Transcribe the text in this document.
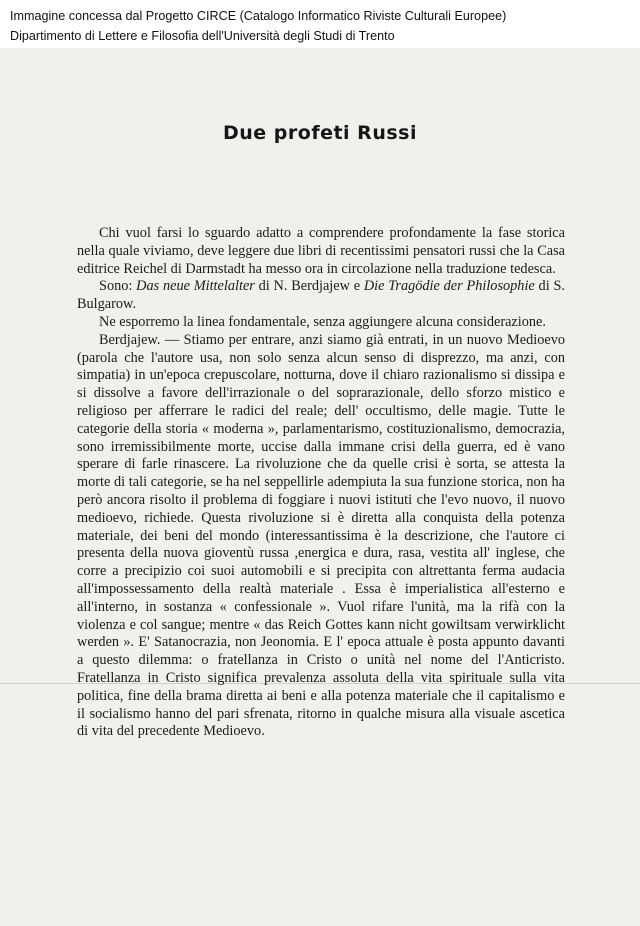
Immagine concessa dal Progetto CIRCE (Catalogo Informatico Riviste Culturali Europee)
Dipartimento di Lettere e Filosofia dell'Università degli Studi di Trento
Due profeti Russi

Chi vuol farsi lo sguardo adatto a comprendere profondamente la fase storica nella quale viviamo, deve leggere due libri di recentissimi pensatori russi che la Casa editrice Reichel di Darmstadt ha messo ora in circolazione nella traduzione tedesca.

Sono: Das neue Mittelalter di N. Berdjajew e Die Tragödie der Philosophie di S. Bulgarow.

Ne esporremo la linea fondamentale, senza aggiungere alcuna considerazione.

Berdjajew. — Stiamo per entrare, anzi siamo già entrati, in un nuovo Medioevo (parola che l'autore usa, non solo senza alcun senso di disprezzo, ma anzi, con simpatia) in un'epoca crepuscolare, notturna, dove il chiaro razionalismo si dissipa e si dissolve a favore dell'irrazionale o del soprarazionale, dello sforzo mistico e religioso per afferrare le radici del reale; dell' occultismo, delle magie. Tutte le categorie della storia « moderna », parlamentarismo, costituzionalismo, democrazia, sono irremissibilmente morte, uccise dalla immane crisi della guerra, ed è vano sperare di farle rinascere. La rivoluzione che da quelle crisi è sorta, se attesta la morte di tali categorie, se ha nel seppellirle adempiuta la sua funzione storica, non ha però ancora risolto il problema di foggiare i nuovi istituti che l'evo nuovo, il nuovo medioevo, richiede. Questa rivoluzione si è diretta alla conquista della potenza materiale, dei beni del mondo (interessantissima è la descrizione, che l'autore ci presenta della nuova gioventù russa ,energica e dura, rasa, vestita all' inglese, che corre a precipizio coi suoi automobili e si precipita con altrettanta ferma audacia all'impossessamento della realtà materiale . Essa è imperialistica all'esterno e all'interno, in sostanza « confessionale ». Vuol rifare l'unità, ma la rifà con la violenza e col sangue; mentre « das Reich Gottes kann nicht gowiltsam verwirklicht werden ». E' Satanocrazia, non Jeonomia. E l' epoca attuale è posta appunto davanti a questo dilemma: o fratellanza in Cristo o unità nel nome del l'Anticristo. Fratellanza in Cristo significa prevalenza assoluta della vita spirituale sulla vita politica, fine della brama diretta ai beni e alla potenza materiale che il capitalismo e il socialismo hanno del pari sfrenata, ritorno in qualche misura alla visuale ascetica di vita del precedente Medioevo.
